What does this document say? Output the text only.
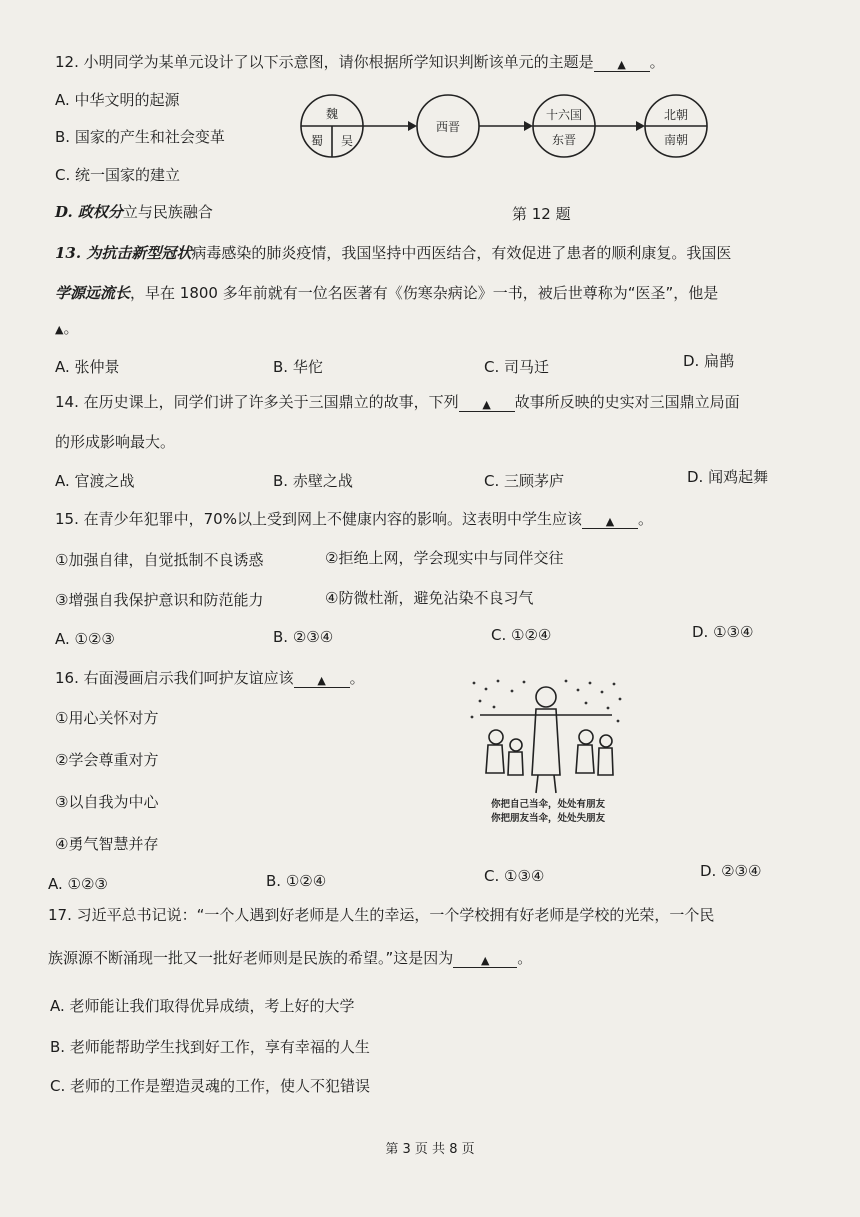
12. 小明同学为某单元设计了以下示意图，请你根据所学知识判断该单元的主题是 ▲ 。
A. 中华文明的起源
B. 国家的产生和社会变革
C. 统一国家的建立
D. 政权分立与民族融合
魏
蜀 吴
西晋
十六国
东晋
北朝
南朝
第 12 题
13. 为抗击新型冠状病毒感染的肺炎疫情，我国坚持中西医结合，有效促进了患者的顺利康复。我国医
学源远流长，早在 1800 多年前就有一位名医著有《伤寒杂病论》一书，被后世尊称为“医圣”，他是
▲。
A. 张仲景	B. 华佗	C. 司马迁	D. 扁鹊
14. 在历史课上，同学们讲了许多关于三国鼎立的故事，下列 ▲ 故事所反映的史实对三国鼎立局面
的形成影响最大。
A. 官渡之战	B. 赤壁之战	C. 三顾茅庐	D. 闻鸡起舞
15. 在青少年犯罪中，70%以上受到网上不健康内容的影响。这表明中学生应该 ▲ 。
①加强自律，自觉抵制不良诱惑	②拒绝上网，学会现实中与同伴交往
③增强自我保护意识和防范能力	④防微杜渐，避免沾染不良习气
A. ①②③	B. ②③④	C. ①②④	D. ①③④
16. 右面漫画启示我们呵护友谊应该 ▲ 。
①用心关怀对方
②学会尊重对方
③以自我为中心
④勇气智慧并存
你把自己当伞，处处有朋友
你把朋友当伞，处处失朋友
A. ①②③	B. ①②④	C. ①③④	D. ②③④
17. 习近平总书记说：“一个人遇到好老师是人生的幸运，一个学校拥有好老师是学校的光荣，一个民
族源源不断涌现一批又一批好老师则是民族的希望。”这是因为	▲ 。
A. 老师能让我们取得优异成绩，考上好的大学
B. 老师能帮助学生找到好工作，享有幸福的人生
C. 老师的工作是塑造灵魂的工作，使人不犯错误
第 3 页 共 8 页
